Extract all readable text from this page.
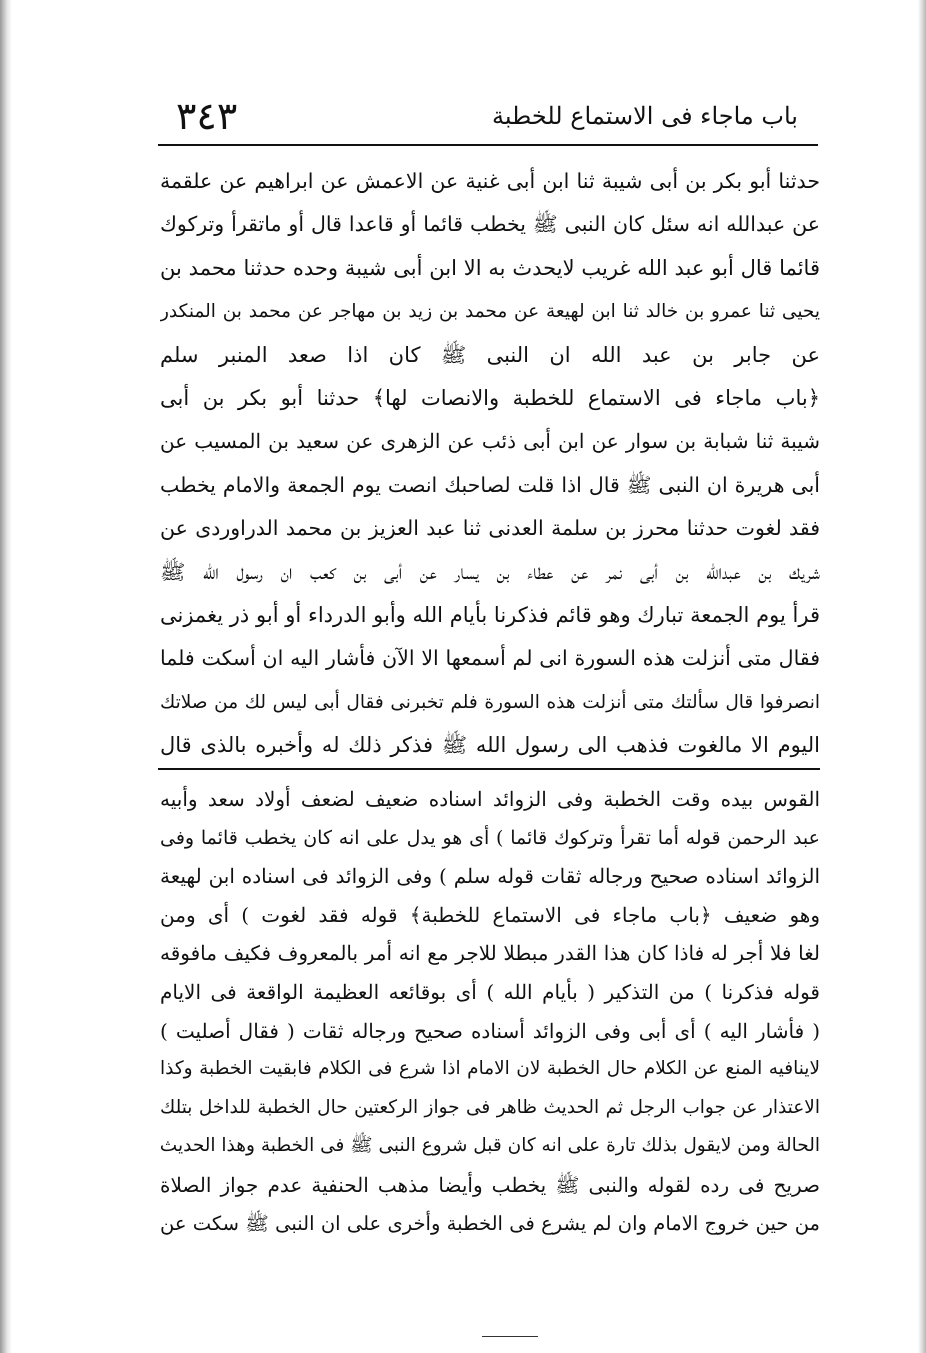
باب ماجاء فى الاستماع للخطبة
٣٤٣
حدثنا أبو بكر بن أبى شيبة ثنا ابن أبى غنية عن الاعمش عن ابراهيم عن علقمة
عن عبدالله انه سئل كان النبى ﷺ يخطب قائما أو قاعدا قال أو ماتقرأ وتركوك
قائما قال أبو عبد الله غريب لايحدث به الا ابن أبى شيبة وحده حدثنا محمد بن
يحيى ثنا عمرو بن خالد ثنا ابن لهيعة عن محمد بن زيد بن مهاجر عن محمد بن المنكدر
عن جابر بن عبد الله ان النبى ﷺ كان اذا صعد المنبر سلم
﴿باب ماجاء فى الاستماع للخطبة والانصات لها﴾ حدثنا أبو بكر بن أبى
شيبة ثنا شبابة بن سوار عن ابن أبى ذئب عن الزهرى عن سعيد بن المسيب عن
أبى هريرة ان النبى ﷺ قال اذا قلت لصاحبك انصت يوم الجمعة والامام يخطب
فقد لغوت حدثنا محرز بن سلمة العدنى ثنا عبد العزيز بن محمد الدراوردى عن
شريك بن عبدالله بن أبى نمر عن عطاء بن يسار عن أبى بن كعب ان رسول الله ﷺ
قرأ يوم الجمعة تبارك وهو قائم فذكرنا بأيام الله وأبو الدرداء أو أبو ذر يغمزنى
فقال متى أنزلت هذه السورة انى لم أسمعها الا الآن فأشار اليه ان أسكت فلما
انصرفوا قال سألتك متى أنزلت هذه السورة فلم تخبرنى فقال أبى ليس لك من صلاتك
اليوم الا مالغوت فذهب الى رسول الله ﷺ فذكر ذلك له وأخبره بالذى قال
القوس بيده وقت الخطبة وفى الزوائد اسناده ضعيف لضعف أولاد سعد وأبيه
عبد الرحمن قوله أما تقرأ وتركوك قائما ) أى هو يدل على انه كان يخطب قائما وفى
الزوائد اسناده صحيح ورجاله ثقات قوله سلم ) وفى الزوائد فى اسناده ابن لهيعة
وهو ضعيف ﴿باب ماجاء فى الاستماع للخطبة﴾ قوله فقد لغوت ) أى ومن
لغا فلا أجر له فاذا كان هذا القدر مبطلا للاجر مع انه أمر بالمعروف فكيف مافوقه
قوله فذكرنا ) من التذكير ( بأيام الله ) أى بوقائعه العظيمة الواقعة فى الايام
( فأشار اليه ) أى أبى وفى الزوائد أسناده صحيح ورجاله ثقات ( فقال أصليت )
لاينافيه المنع عن الكلام حال الخطبة لان الامام اذا شرع فى الكلام فابقيت الخطبة وكذا
الاعتذار عن جواب الرجل ثم الحديث ظاهر فى جواز الركعتين حال الخطبة للداخل بتلك
الحالة ومن لايقول بذلك تارة على انه كان قبل شروع النبى ﷺ فى الخطبة وهذا الحديث
صريح فى رده لقوله والنبى ﷺ يخطب وأيضا مذهب الحنفية عدم جواز الصلاة
من حين خروج الامام وان لم يشرع فى الخطبة وأخرى على ان النبى ﷺ سكت عن
